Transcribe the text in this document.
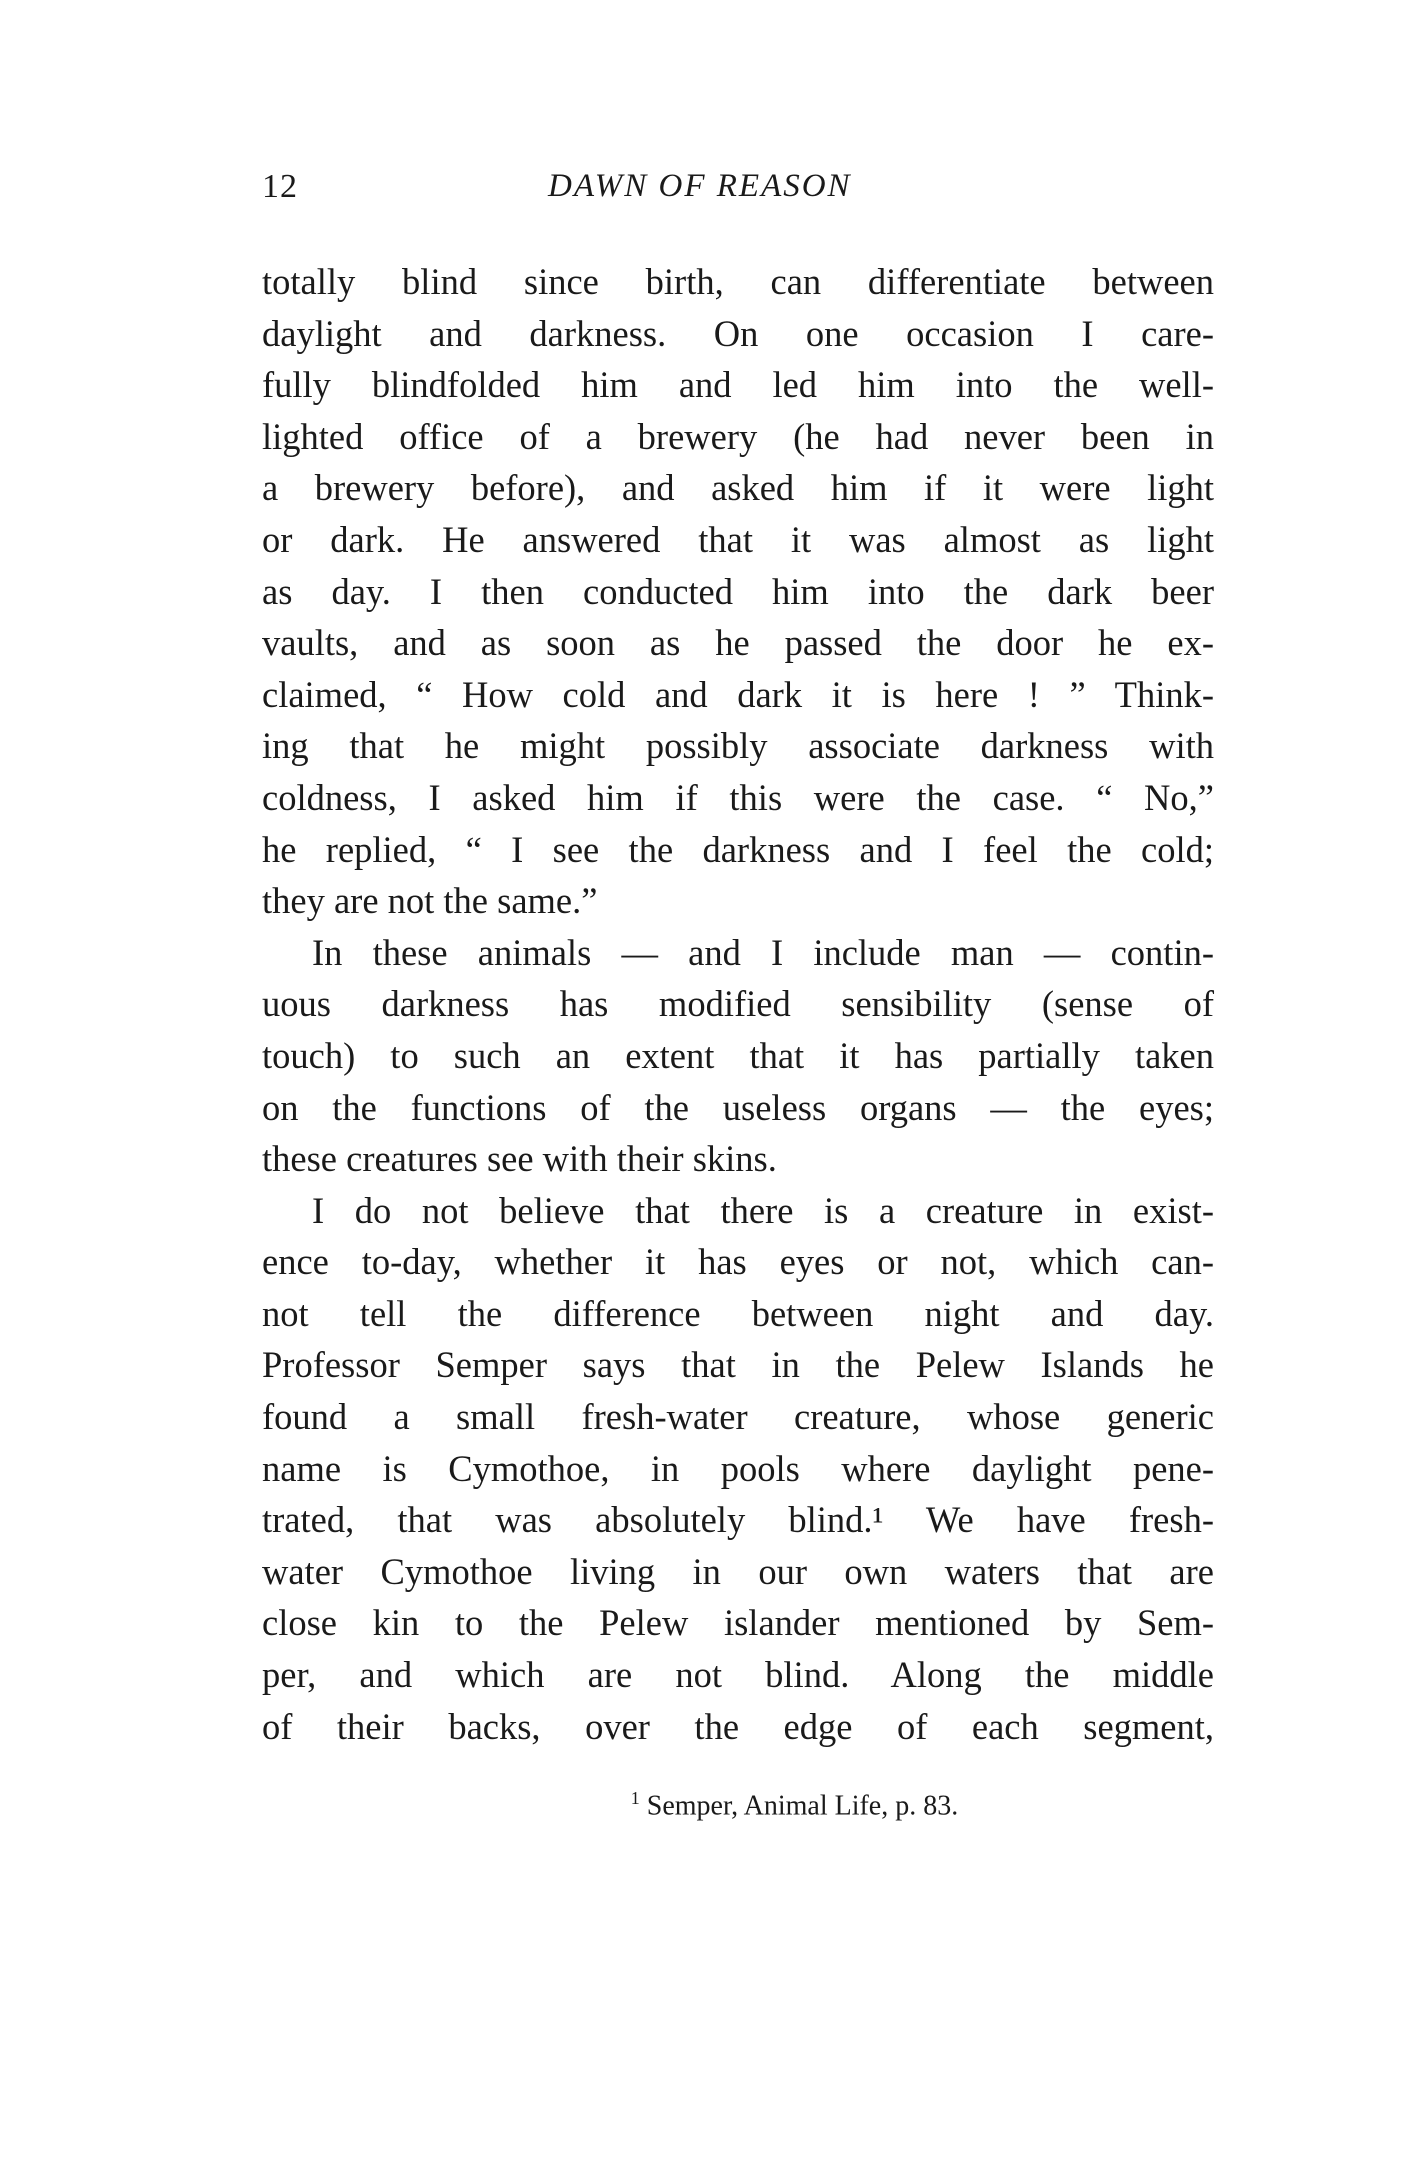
12	DAWN OF REASON
totally blind since birth, can differentiate between
daylight and darkness. On one occasion I care-
fully blindfolded him and led him into the well-
lighted office of a brewery (he had never been in
a brewery before), and asked him if it were light
or dark. He answered that it was almost as light
as day. I then conducted him into the dark beer
vaults, and as soon as he passed the door he ex-
claimed, “ How cold and dark it is here ! ” Think-
ing that he might possibly associate darkness with
coldness, I asked him if this were the case. “ No,”
he replied, “ I see the darkness and I feel the cold;
they are not the same.”
In these animals — and I include man — contin-
uous darkness has modified sensibility (sense of
touch) to such an extent that it has partially taken
on the functions of the useless organs — the eyes;
these creatures see with their skins.
I do not believe that there is a creature in exist-
ence to-day, whether it has eyes or not, which can-
not tell the difference between night and day.
Professor Semper says that in the Pelew Islands he
found a small fresh-water creature, whose generic
name is Cymothoe, in pools where daylight pene-
trated, that was absolutely blind.¹ We have fresh-
water Cymothoe living in our own waters that are
close kin to the Pelew islander mentioned by Sem-
per, and which are not blind. Along the middle
of their backs, over the edge of each segment,
$^1$ Semper, Animal Life, p. 83.
